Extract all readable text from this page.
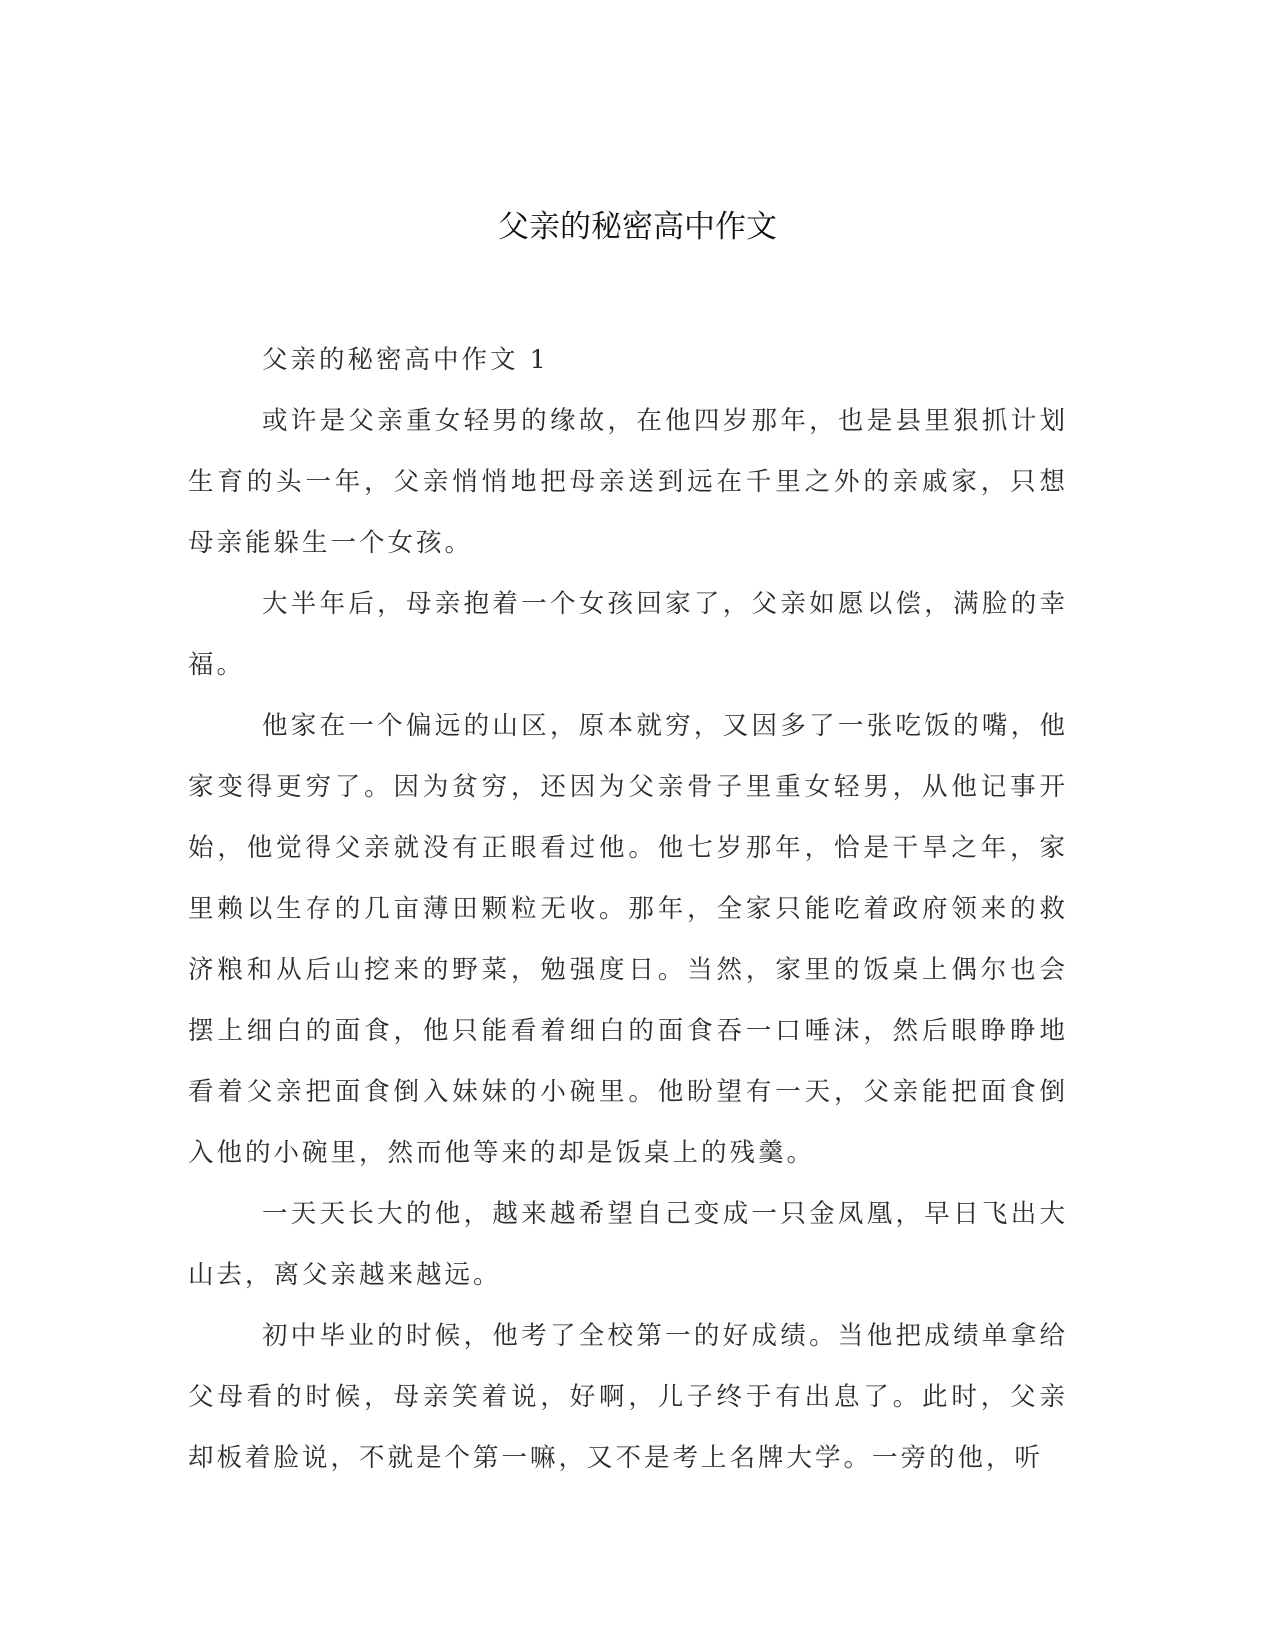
父亲的秘密高中作文

父亲的秘密高中作文 1

或许是父亲重女轻男的缘故，在他四岁那年，也是县里狠抓计划生育的头一年，父亲悄悄地把母亲送到远在千里之外的亲戚家，只想母亲能躲生一个女孩。

大半年后，母亲抱着一个女孩回家了，父亲如愿以偿，满脸的幸福。

他家在一个偏远的山区，原本就穷，又因多了一张吃饭的嘴，他家变得更穷了。因为贫穷，还因为父亲骨子里重女轻男，从他记事开始，他觉得父亲就没有正眼看过他。他七岁那年，恰是干旱之年，家里赖以生存的几亩薄田颗粒无收。那年，全家只能吃着政府领来的救济粮和从后山挖来的野菜，勉强度日。当然，家里的饭桌上偶尔也会摆上细白的面食，他只能看着细白的面食吞一口唾沫，然后眼睁睁地看着父亲把面食倒入妹妹的小碗里。他盼望有一天，父亲能把面食倒入他的小碗里，然而他等来的却是饭桌上的残羹。

一天天长大的他，越来越希望自己变成一只金凤凰，早日飞出大山去，离父亲越来越远。

初中毕业的时候，他考了全校第一的好成绩。当他把成绩单拿给父母看的时候，母亲笑着说，好啊，儿子终于有出息了。此时，父亲却板着脸说，不就是个第一嘛，又不是考上名牌大学。一旁的他，听
